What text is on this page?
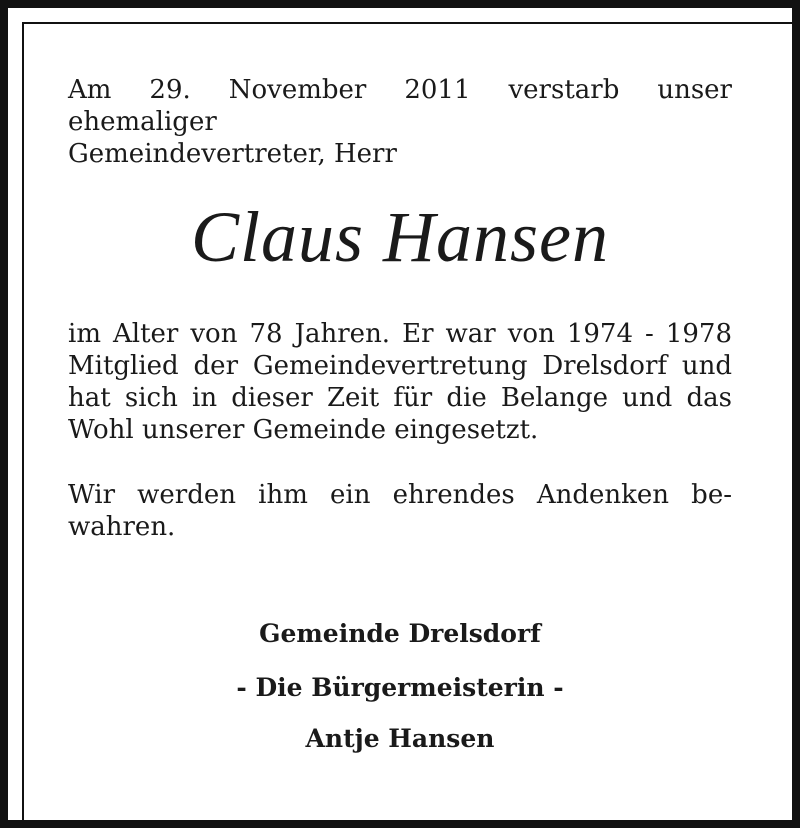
Am 29. November 2011 verstarb unser ehemaliger
Gemeindevertreter, Herr
Claus Hansen
im Alter von 78 Jahren. Er war von 1974 - 1978
Mitglied der Gemeindevertretung Drelsdorf und
hat sich in dieser Zeit für die Belange und das
Wohl unserer Gemeinde eingesetzt.
Wir werden ihm ein ehrendes Andenken be-
wahren.
Gemeinde Drelsdorf
- Die Bürgermeisterin -
Antje Hansen
